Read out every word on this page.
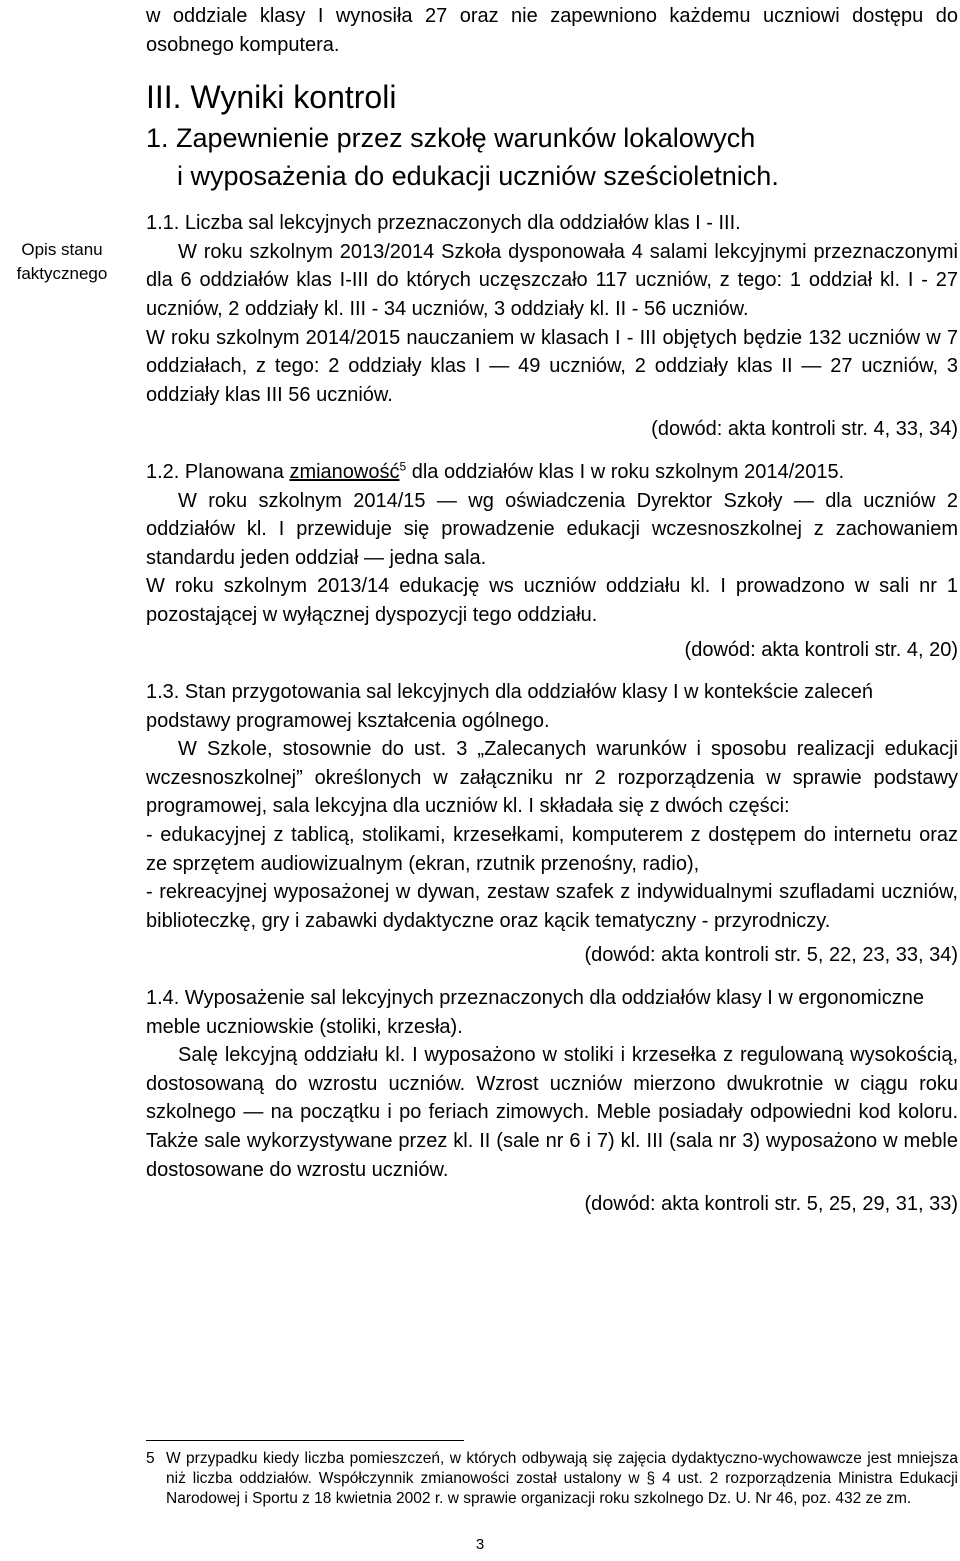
Opis stanu
faktycznego

w oddziale klasy I wynosiła 27 oraz nie zapewniono każdemu uczniowi dostępu do osobnego komputera.

III. Wyniki kontroli
1. Zapewnienie przez szkołę warunków lokalowych
i wyposażenia do edukacji uczniów sześcioletnich.

1.1. Liczba sal lekcyjnych przeznaczonych dla oddziałów klas I - III.

W roku szkolnym 2013/2014 Szkoła dysponowała 4 salami lekcyjnymi przeznaczonymi dla 6 oddziałów klas I-III do których uczęszczało 117 uczniów, z tego: 1 oddział kl. I - 27 uczniów, 2 oddziały kl. III - 34 uczniów, 3 oddziały kl. II - 56 uczniów.

W roku szkolnym 2014/2015 nauczaniem w klasach I - III objętych będzie 132 uczniów w 7 oddziałach, z tego: 2 oddziały klas I — 49 uczniów, 2 oddziały klas II — 27 uczniów, 3 oddziały klas III 56 uczniów.

(dowód: akta kontroli str. 4, 33, 34)

1.2. Planowana zmianowość$^5$ dla oddziałów klas I w roku szkolnym 2014/2015.

W roku szkolnym 2014/15 — wg oświadczenia Dyrektor Szkoły — dla uczniów 2 oddziałów kl. I przewiduje się prowadzenie edukacji wczesnoszkolnej z zachowaniem standardu jeden oddział — jedna sala.

W roku szkolnym 2013/14 edukację ws uczniów oddziału kl. I prowadzono w sali nr 1 pozostającej w wyłącznej dyspozycji tego oddziału.

(dowód: akta kontroli str. 4, 20)

1.3. Stan przygotowania sal lekcyjnych dla oddziałów klasy I w kontekście zaleceń podstawy programowej kształcenia ogólnego.

W Szkole, stosownie do ust. 3 „Zalecanych warunków i sposobu realizacji edukacji wczesnoszkolnej” określonych w załączniku nr 2 rozporządzenia w sprawie podstawy programowej, sala lekcyjna dla uczniów kl. I składała się z dwóch części:

- edukacyjnej z tablicą, stolikami, krzesełkami, komputerem z dostępem do internetu oraz ze sprzętem audiowizualnym (ekran, rzutnik przenośny, radio),

- rekreacyjnej wyposażonej w dywan, zestaw szafek z indywidualnymi szufladami uczniów, biblioteczkę, gry i zabawki dydaktyczne oraz kącik tematyczny - przyrodniczy.

(dowód: akta kontroli str. 5, 22, 23, 33, 34)

1.4. Wyposażenie sal lekcyjnych przeznaczonych dla oddziałów klasy I w ergonomiczne meble uczniowskie (stoliki, krzesła).

Salę lekcyjną oddziału kl. I wyposażono w stoliki i krzesełka z regulowaną wysokością, dostosowaną do wzrostu uczniów. Wzrost uczniów mierzono dwukrotnie w ciągu roku szkolnego — na początku i po feriach zimowych. Meble posiadały odpowiedni kod koloru. Także sale wykorzystywane przez kl. II (sale nr 6 i 7) kl. III (sala nr 3) wyposażono w meble dostosowane do wzrostu uczniów.

(dowód: akta kontroli str. 5, 25, 29, 31, 33)

5 W przypadku kiedy liczba pomieszczeń, w których odbywają się zajęcia dydaktyczno-wychowawcze jest mniejsza niż liczba oddziałów. Współczynnik zmianowości został ustalony w § 4 ust. 2 rozporządzenia Ministra Edukacji Narodowej i Sportu z 18 kwietnia 2002 r. w sprawie organizacji roku szkolnego Dz. U. Nr 46, poz. 432 ze zm.
3
